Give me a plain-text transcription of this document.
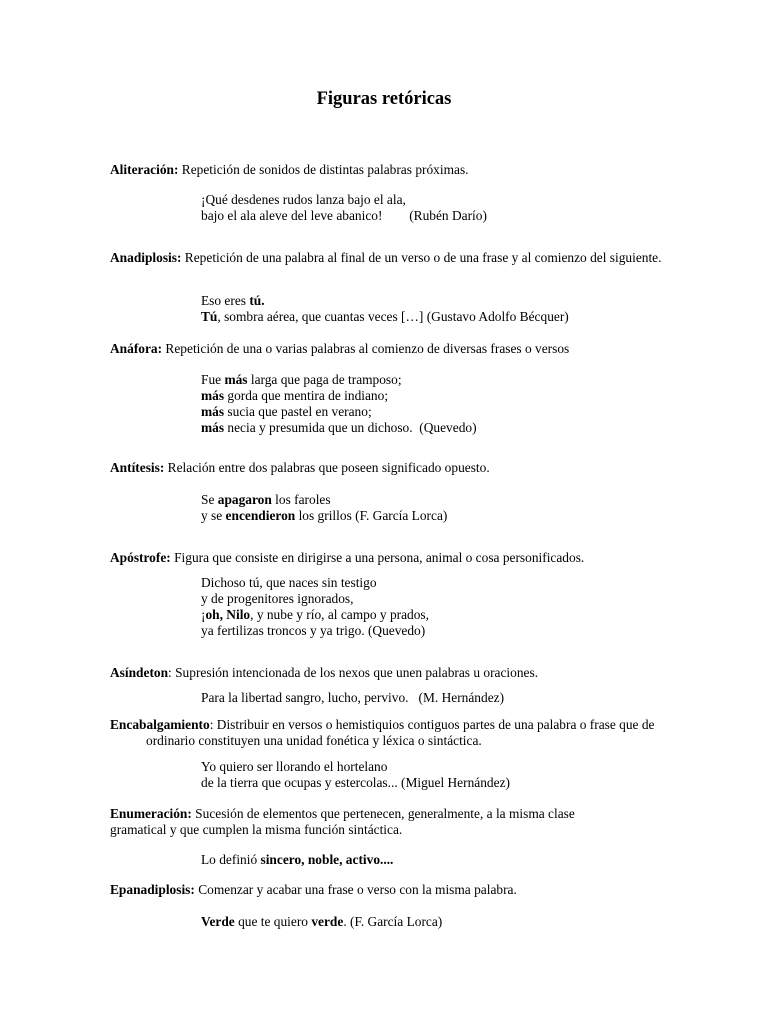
Figuras retóricas
Aliteración: Repetición de sonidos de distintas palabras próximas.
¡Qué desdenes rudos lanza bajo el ala,
bajo el ala aleve del leve abanico!        (Rubén Darío)
Anadiplosis: Repetición de una palabra al final de un verso o de una frase y al comienzo del siguiente.
Eso eres tú.
Tú, sombra aérea, que cuantas veces […] (Gustavo Adolfo Bécquer)
Anáfora: Repetición de una o varias palabras al comienzo de diversas frases o versos
Fue más larga que paga de tramposo;
más gorda que mentira de indiano;
más sucia que pastel en verano;
más necia y presumida que un dichoso.  (Quevedo)
Antítesis: Relación entre dos palabras que poseen significado opuesto.
Se apagaron los faroles
y se encendieron los grillos (F. García Lorca)
Apóstrofe: Figura que consiste en dirigirse a una persona, animal o cosa personificados.
Dichoso tú, que naces sin testigo
y de progenitores ignorados,
¡oh, Nilo, y nube y río, al campo y prados,
ya fertilizas troncos y ya trigo. (Quevedo)
Asíndeton: Supresión intencionada de los nexos que unen palabras u oraciones.
Para la libertad sangro, lucho, pervivo.   (M. Hernández)
Encabalgamiento: Distribuir en versos o hemistiquios contiguos partes de una palabra o frase que de ordinario constituyen una unidad fonética y léxica o sintáctica.
Yo quiero ser llorando el hortelano
de la tierra que ocupas y estercolas... (Miguel Hernández)
Enumeración: Sucesión de elementos que pertenecen, generalmente, a la misma clase gramatical y que cumplen la misma función sintáctica.
Lo definió sincero, noble, activo....
Epanadiplosis: Comenzar y acabar una frase o verso con la misma palabra.
Verde que te quiero verde. (F. García Lorca)
